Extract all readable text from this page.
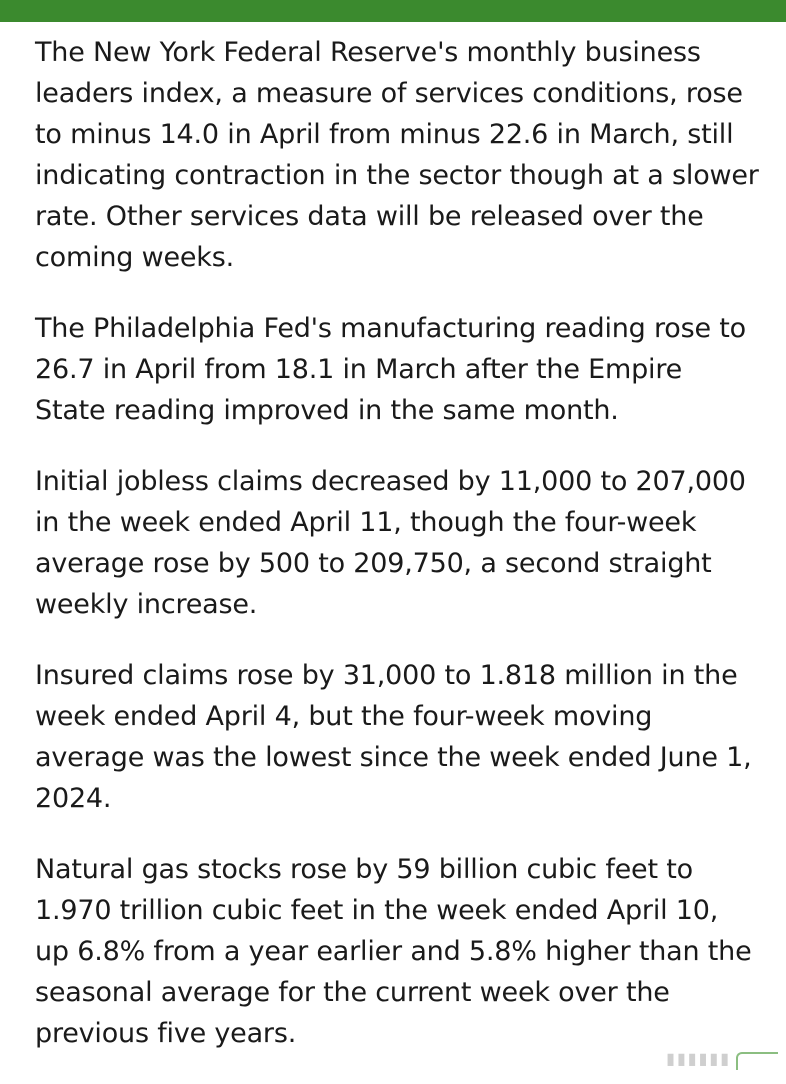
The New York Federal Reserve's monthly business leaders index, a measure of services conditions, rose to minus 14.0 in April from minus 22.6 in March, still indicating contraction in the sector though at a slower rate. Other services data will be released over the coming weeks.

The Philadelphia Fed's manufacturing reading rose to 26.7 in April from 18.1 in March after the Empire State reading improved in the same month.

Initial jobless claims decreased by 11,000 to 207,000 in the week ended April 11, though the four-week average rose by 500 to 209,750, a second straight weekly increase.

Insured claims rose by 31,000 to 1.818 million in the week ended April 4, but the four-week moving average was the lowest since the week ended June 1, 2024.

Natural gas stocks rose by 59 billion cubic feet to 1.970 trillion cubic feet in the week ended April 10, up 6.8% from a year earlier and 5.8% higher than the seasonal average for the current week over the previous five years.

▮▮▮▮▮▮
